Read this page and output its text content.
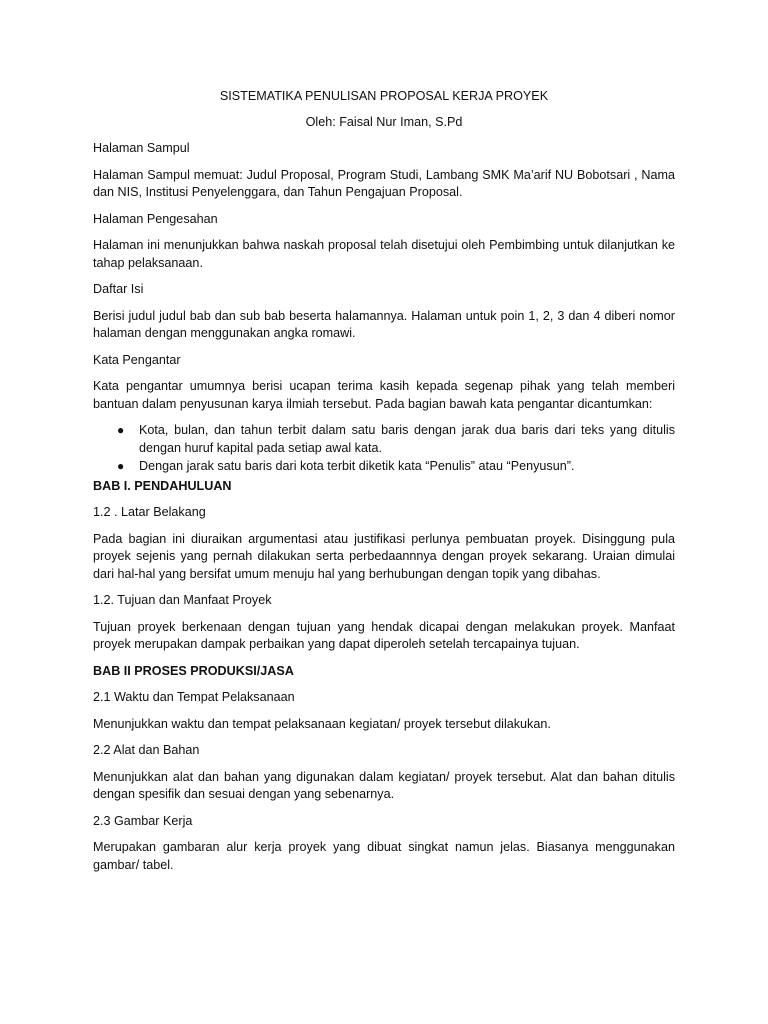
SISTEMATIKA PENULISAN PROPOSAL KERJA PROYEK

Oleh: Faisal Nur Iman, S.Pd

Halaman Sampul

Halaman Sampul memuat: Judul Proposal, Program Studi, Lambang SMK Ma’arif NU Bobotsari , Nama dan NIS, Institusi Penyelenggara, dan Tahun Pengajuan Proposal.

Halaman Pengesahan

Halaman ini menunjukkan bahwa naskah proposal telah disetujui oleh Pembimbing untuk dilanjutkan ke tahap pelaksanaan.

Daftar Isi

Berisi judul judul bab dan sub bab beserta halamannya. Halaman untuk poin 1, 2, 3 dan 4 diberi nomor halaman dengan menggunakan angka romawi.

Kata Pengantar

Kata pengantar umumnya berisi ucapan terima kasih kepada segenap pihak yang telah memberi bantuan dalam penyusunan karya ilmiah tersebut. Pada bagian bawah kata pengantar dicantumkan:

● Kota, bulan, dan tahun terbit dalam satu baris dengan jarak dua baris dari teks yang ditulis dengan huruf kapital pada setiap awal kata.
● Dengan jarak satu baris dari kota terbit diketik kata “Penulis” atau “Penyusun”.

BAB I. PENDAHULUAN

1.2 . Latar Belakang

Pada bagian ini diuraikan argumentasi atau justifikasi perlunya pembuatan proyek. Disinggung pula proyek sejenis yang pernah dilakukan serta perbedaannnya dengan proyek sekarang. Uraian dimulai dari hal-hal yang bersifat umum menuju hal yang berhubungan dengan topik yang dibahas.

1.2. Tujuan dan Manfaat Proyek

Tujuan proyek berkenaan dengan tujuan yang hendak dicapai dengan melakukan proyek. Manfaat proyek merupakan dampak perbaikan yang dapat diperoleh setelah tercapainya tujuan.

BAB II PROSES PRODUKSI/JASA

2.1 Waktu dan Tempat Pelaksanaan

Menunjukkan waktu dan tempat pelaksanaan kegiatan/ proyek tersebut dilakukan.

2.2 Alat dan Bahan

Menunjukkan alat dan bahan yang digunakan dalam kegiatan/ proyek tersebut. Alat dan bahan ditulis dengan spesifik dan sesuai dengan yang sebenarnya.

2.3 Gambar Kerja

Merupakan gambaran alur kerja proyek yang dibuat singkat namun jelas. Biasanya menggunakan gambar/ tabel.
